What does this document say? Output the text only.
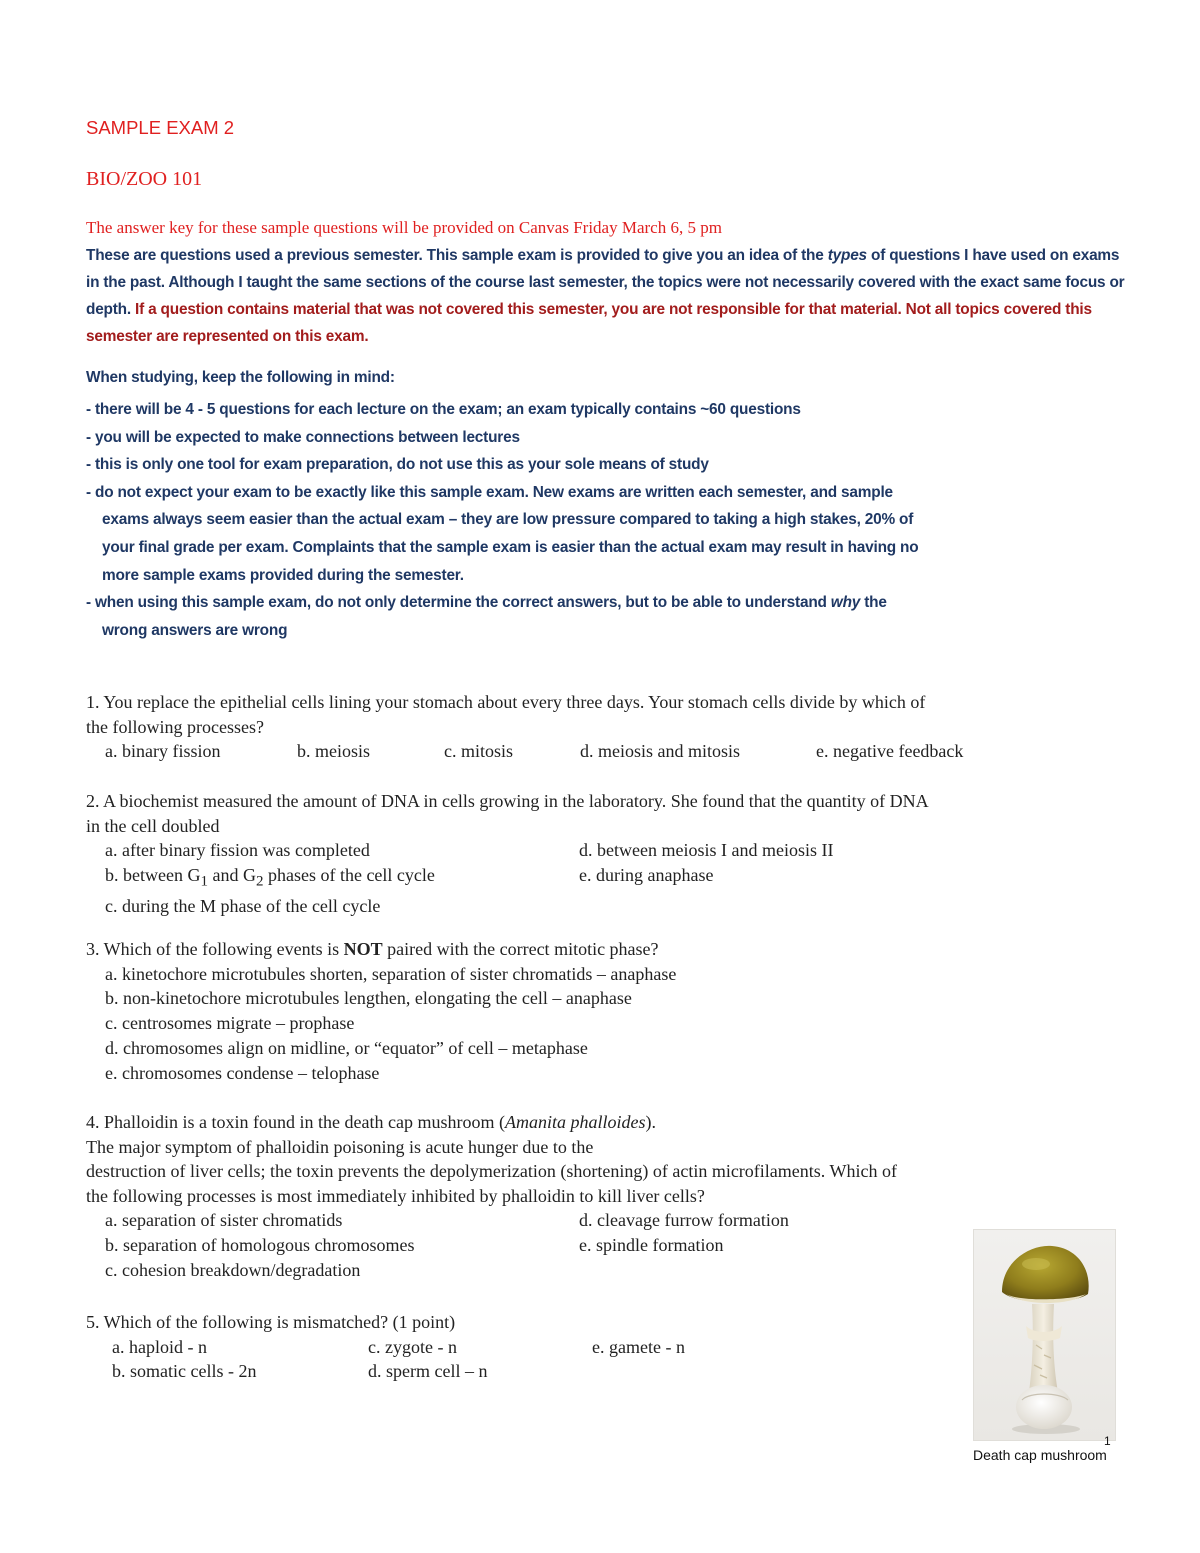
SAMPLE EXAM 2

BIO/ZOO 101

The answer key for these sample questions will be provided on Canvas Friday March 6, 5 pm

These are questions used a previous semester. This sample exam is provided to give you an idea of the types of questions I have used on exams in the past. Although I taught the same sections of the course last semester, the topics were not necessarily covered with the exact same focus or depth. If a question contains material that was not covered this semester, you are not responsible for that material. Not all topics covered this semester are represented on this exam.

When studying, keep the following in mind:

- there will be 4 - 5 questions for each lecture on the exam; an exam typically contains ~60 questions
- you will be expected to make connections between lectures
- this is only one tool for exam preparation, do not use this as your sole means of study
- do not expect your exam to be exactly like this sample exam. New exams are written each semester, and sample
exams always seem easier than the actual exam – they are low pressure compared to taking a high stakes, 20% of
your final grade per exam. Complaints that the sample exam is easier than the actual exam may result in having no
more sample exams provided during the semester.
- when using this sample exam, do not only determine the correct answers, but to be able to understand why the
wrong answers are wrong

1. You replace the epithelial cells lining your stomach about every three days. Your stomach cells divide by which of
the following processes?

a. binary fission	b. meiosis	c. mitosis	d. meiosis and mitosis	e. negative feedback

2. A biochemist measured the amount of DNA in cells growing in the laboratory. She found that the quantity of DNA
in the cell doubled

a. after binary fission was completed	d. between meiosis I and meiosis II
b. between $G_1$ and $G_2$ phases of the cell cycle	e. during anaphase
c. during the M phase of the cell cycle

3. Which of the following events is NOT paired with the correct mitotic phase?

a. kinetochore microtubules shorten, separation of sister chromatids – anaphase
b. non-kinetochore microtubules lengthen, elongating the cell – anaphase
c. centrosomes migrate – prophase
d. chromosomes align on midline, or “equator” of cell – metaphase
e. chromosomes condense – telophase

4. Phalloidin is a toxin found in the death cap mushroom (Amanita phalloides).
The major symptom of phalloidin poisoning is acute hunger due to the
destruction of liver cells; the toxin prevents the depolymerization (shortening) of actin microfilaments. Which of
the following processes is most immediately inhibited by phalloidin to kill liver cells?

a. separation of sister chromatids	d. cleavage furrow formation
b. separation of homologous chromosomes	e. spindle formation
c. cohesion breakdown/degradation

5. Which of the following is mismatched? (1 point)

a. haploid - n	c. zygote - n	e. gamete - n
b. somatic cells - 2n	d. sperm cell – n

Death cap mushroom

1
